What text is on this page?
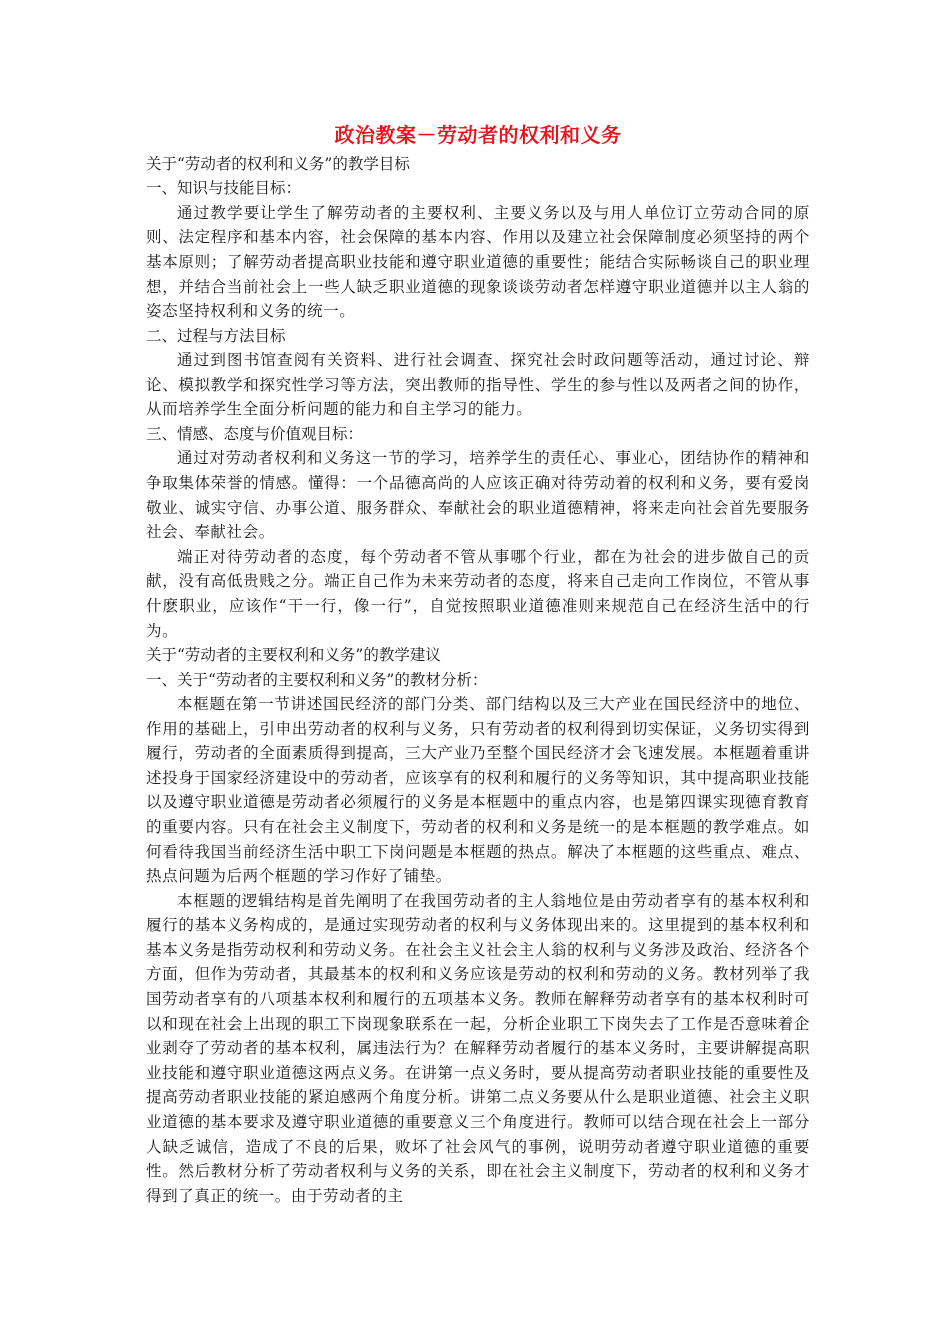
政治教案－劳动者的权利和义务

关于“劳动者的权利和义务”的教学目标

一、知识与技能目标：

通过教学要让学生了解劳动者的主要权利、主要义务以及与用人单位订立劳动合同的原则、法定程序和基本内容，社会保障的基本内容、作用以及建立社会保障制度必须坚持的两个基本原则；了解劳动者提高职业技能和遵守职业道德的重要性；能结合实际畅谈自己的职业理想，并结合当前社会上一些人缺乏职业道德的现象谈谈劳动者怎样遵守职业道德并以主人翁的姿态坚持权利和义务的统一。

二、过程与方法目标

通过到图书馆查阅有关资料、进行社会调查、探究社会时政问题等活动，通过讨论、辩论、模拟教学和探究性学习等方法，突出教师的指导性、学生的参与性以及两者之间的协作，从而培养学生全面分析问题的能力和自主学习的能力。

三、情感、态度与价值观目标：

通过对劳动者权利和义务这一节的学习，培养学生的责任心、事业心，团结协作的精神和争取集体荣誉的情感。懂得：一个品德高尚的人应该正确对待劳动着的权利和义务，要有爱岗敬业、诚实守信、办事公道、服务群众、奉献社会的职业道德精神，将来走向社会首先要服务社会、奉献社会。

端正对待劳动者的态度，每个劳动者不管从事哪个行业，都在为社会的进步做自己的贡献，没有高低贵贱之分。端正自己作为未来劳动者的态度，将来自己走向工作岗位，不管从事什麽职业，应该作“干一行，像一行”，自觉按照职业道德准则来规范自己在经济生活中的行为。

关于“劳动者的主要权利和义务”的教学建议

一、关于“劳动者的主要权利和义务”的教材分析：

本框题在第一节讲述国民经济的部门分类、部门结构以及三大产业在国民经济中的地位、作用的基础上，引申出劳动者的权利与义务，只有劳动者的权利得到切实保证，义务切实得到履行，劳动者的全面素质得到提高，三大产业乃至整个国民经济才会飞速发展。本框题着重讲述投身于国家经济建设中的劳动者，应该享有的权利和履行的义务等知识，其中提高职业技能以及遵守职业道德是劳动者必须履行的义务是本框题中的重点内容，也是第四课实现德育教育的重要内容。只有在社会主义制度下，劳动者的权利和义务是统一的是本框题的教学难点。如何看待我国当前经济生活中职工下岗问题是本框题的热点。解决了本框题的这些重点、难点、热点问题为后两个框题的学习作好了铺垫。

本框题的逻辑结构是首先阐明了在我国劳动者的主人翁地位是由劳动者享有的基本权利和履行的基本义务构成的，是通过实现劳动者的权利与义务体现出来的。这里提到的基本权利和基本义务是指劳动权利和劳动义务。在社会主义社会主人翁的权利与义务涉及政治、经济各个方面，但作为劳动者，其最基本的权利和义务应该是劳动的权利和劳动的义务。教材列举了我国劳动者享有的八项基本权利和履行的五项基本义务。教师在解释劳动者享有的基本权利时可以和现在社会上出现的职工下岗现象联系在一起，分析企业职工下岗失去了工作是否意味着企业剥夺了劳动者的基本权利，属违法行为？在解释劳动者履行的基本义务时，主要讲解提高职业技能和遵守职业道德这两点义务。在讲第一点义务时，要从提高劳动者职业技能的重要性及提高劳动者职业技能的紧迫感两个角度分析。讲第二点义务要从什么是职业道德、社会主义职业道德的基本要求及遵守职业道德的重要意义三个角度进行。教师可以结合现在社会上一部分人缺乏诚信，造成了不良的后果，败坏了社会风气的事例，说明劳动者遵守职业道德的重要性。然后教材分析了劳动者权利与义务的关系，即在社会主义制度下，劳动者的权利和义务才得到了真正的统一。由于劳动者的主
